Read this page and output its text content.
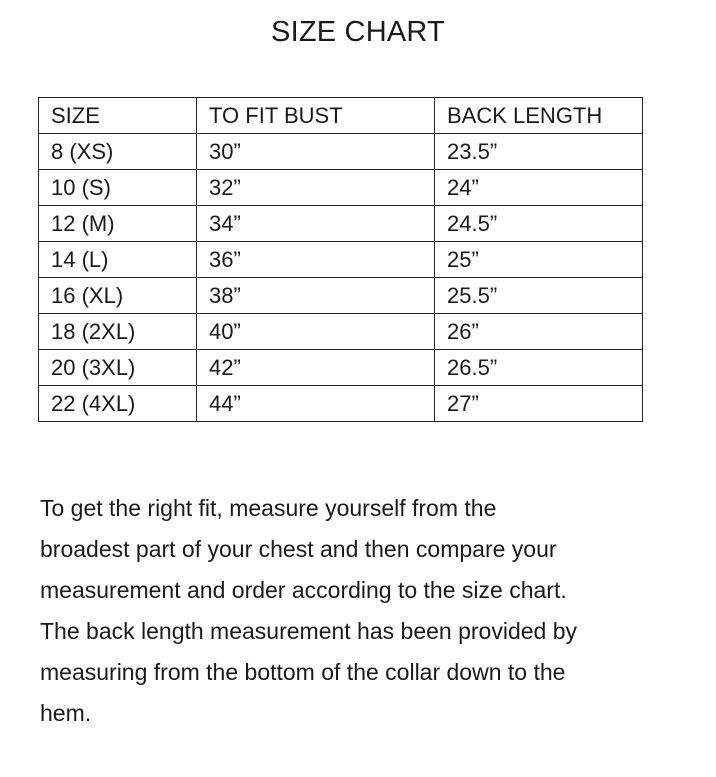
SIZE CHART
SIZE	TO FIT BUST	BACK LENGTH
8 (XS)	30”	23.5”
10 (S)	32”	24”
12 (M)	34”	24.5”
14 (L)	36”	25”
16 (XL)	38”	25.5”
18 (2XL)	40”	26”
20 (3XL)	42”	26.5”
22 (4XL)	44”	27”
To get the right fit, measure yourself from the
broadest part of your chest and then compare your
measurement and order according to the size chart.
The back length measurement has been provided by
measuring from the bottom of the collar down to the
hem.
